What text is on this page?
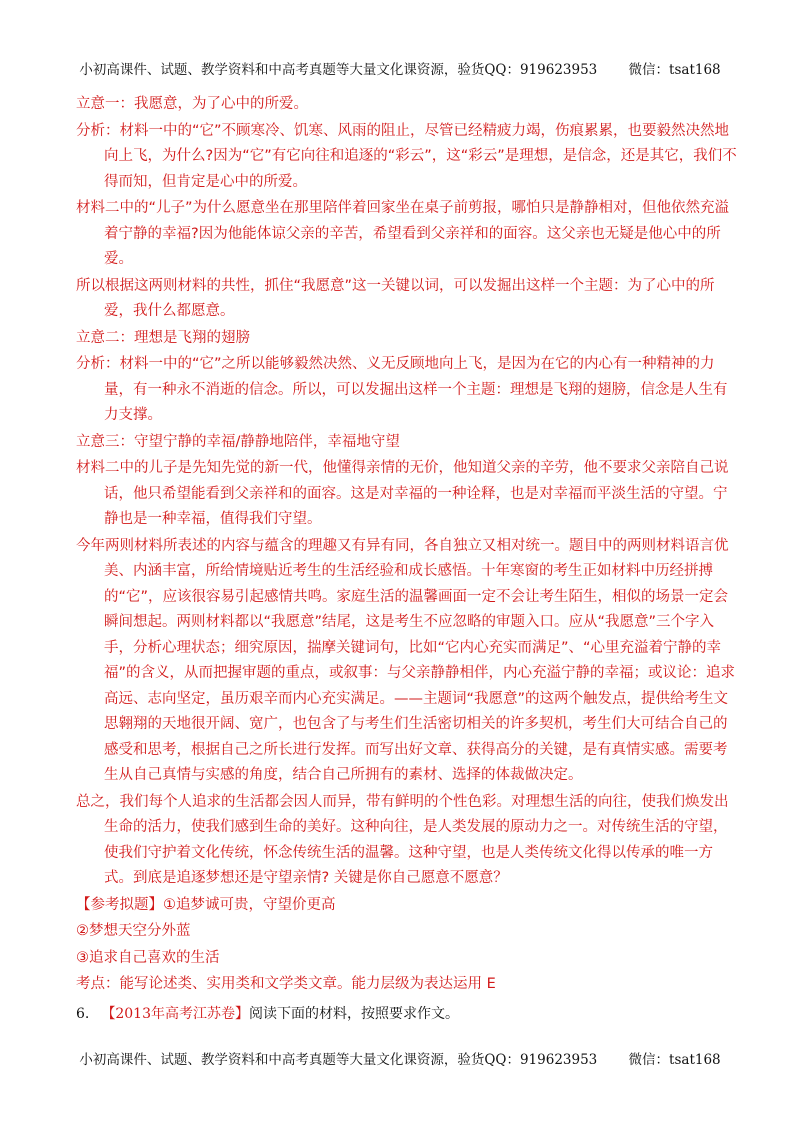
小初高课件、试题、教学资料和中高考真题等大量文化课资源，验货QQ：919623953 　　微信：tsat168

立意一：我愿意，为了心中的所爱。

分析：材料一中的“它”不顾寒冷、饥寒、风雨的阻止，尽管已经精疲力竭，伤痕累累，也要毅然决然地向上飞，为什么?因为“它”有它向往和追逐的“彩云”，这“彩云”是理想，是信念，还是其它，我们不得而知，但肯定是心中的所爱。

材料二中的“儿子”为什么愿意坐在那里陪伴着回家坐在桌子前剪报，哪怕只是静静相对，但他依然充溢着宁静的幸福?因为他能体谅父亲的辛苦，希望看到父亲祥和的面容。这父亲也无疑是他心中的所爱。

所以根据这两则材料的共性，抓住“我愿意”这一关键以词，可以发掘出这样一个主题：为了心中的所爱，我什么都愿意。

立意二：理想是飞翔的翅膀

分析：材料一中的“它”之所以能够毅然决然、义无反顾地向上飞，是因为在它的内心有一种精神的力量，有一种永不消逝的信念。所以，可以发掘出这样一个主题：理想是飞翔的翅膀，信念是人生有力支撑。

立意三：守望宁静的幸福/静静地陪伴，幸福地守望

材料二中的儿子是先知先觉的新一代，他懂得亲情的无价，他知道父亲的辛劳，他不要求父亲陪自己说话，他只希望能看到父亲祥和的面容。这是对幸福的一种诠释，也是对幸福而平淡生活的守望。宁静也是一种幸福，值得我们守望。

今年两则材料所表述的内容与蕴含的理趣又有异有同，各自独立又相对统一。题目中的两则材料语言优美、内涵丰富，所给情境贴近考生的生活经验和成长感悟。十年寒窗的考生正如材料中历经拼搏的“它”，应该很容易引起感情共鸣。家庭生活的温馨画面一定不会让考生陌生，相似的场景一定会瞬间想起。两则材料都以“我愿意”结尾，这是考生不应忽略的审题入口。应从“我愿意”三个字入手，分析心理状态；细究原因，揣摩关键词句，比如“它内心充实而满足”、“心里充溢着宁静的幸福”的含义，从而把握审题的重点，或叙事：与父亲静静相伴，内心充溢宁静的幸福；或议论：追求高远、志向坚定，虽历艰辛而内心充实满足。——主题词“我愿意”的这两个触发点，提供给考生文思翱翔的天地很开阔、宽广，也包含了与考生们生活密切相关的许多契机，考生们大可结合自己的感受和思考，根据自己之所长进行发挥。而写出好文章、获得高分的关键，是有真情实感。需要考生从自己真情与实感的角度，结合自己所拥有的素材、选择的体裁做决定。

总之，我们每个人追求的生活都会因人而异，带有鲜明的个性色彩。对理想生活的向往，使我们焕发出生命的活力，使我们感到生命的美好。这种向往，是人类发展的原动力之一。对传统生活的守望，使我们守护着文化传统，怀念传统生活的温馨。这种守望，也是人类传统文化得以传承的唯一方式。到底是追逐梦想还是守望亲情? 关键是你自己愿意不愿意？

【参考拟题】①追梦诚可贵，守望价更高

②梦想天空分外蓝

③追求自己喜欢的生活

考点：能写论述类、实用类和文学类文章。能力层级为表达运用 E

6. 【2013年高考江苏卷】阅读下面的材料，按照要求作文。
小初高课件、试题、教学资料和中高考真题等大量文化课资源，验货QQ：919623953 　　微信：tsat168
